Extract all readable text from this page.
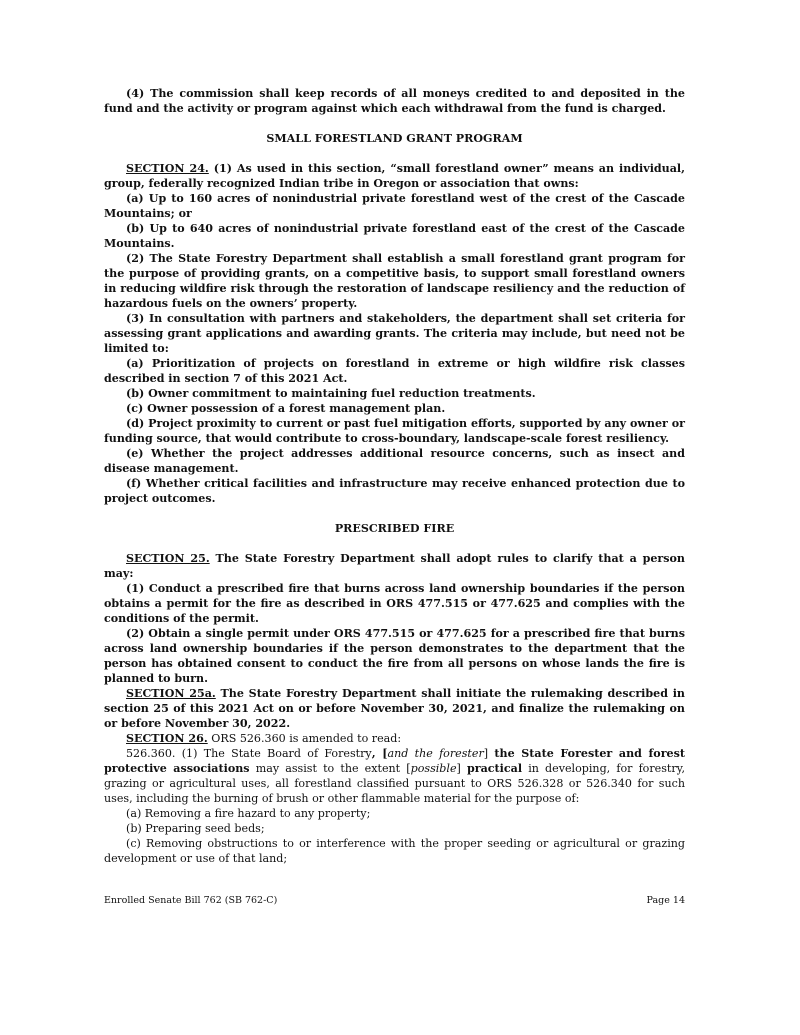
(4) The commission shall keep records of all moneys credited to and deposited in the fund and the activity or program against which each withdrawal from the fund is charged.

SMALL FORESTLAND GRANT PROGRAM

SECTION 24. (1) As used in this section, “small forestland owner” means an individual, group, federally recognized Indian tribe in Oregon or association that owns:

(a) Up to 160 acres of nonindustrial private forestland west of the crest of the Cascade Mountains; or

(b) Up to 640 acres of nonindustrial private forestland east of the crest of the Cascade Mountains.

(2) The State Forestry Department shall establish a small forestland grant program for the purpose of providing grants, on a competitive basis, to support small forestland owners in reducing wildfire risk through the restoration of landscape resiliency and the reduction of hazardous fuels on the owners’ property.

(3) In consultation with partners and stakeholders, the department shall set criteria for assessing grant applications and awarding grants. The criteria may include, but need not be limited to:

(a) Prioritization of projects on forestland in extreme or high wildfire risk classes described in section 7 of this 2021 Act.

(b) Owner commitment to maintaining fuel reduction treatments.

(c) Owner possession of a forest management plan.

(d) Project proximity to current or past fuel mitigation efforts, supported by any owner or funding source, that would contribute to cross-boundary, landscape-scale forest resiliency.

(e) Whether the project addresses additional resource concerns, such as insect and disease management.

(f) Whether critical facilities and infrastructure may receive enhanced protection due to project outcomes.

PRESCRIBED FIRE

SECTION 25. The State Forestry Department shall adopt rules to clarify that a person may:

(1) Conduct a prescribed fire that burns across land ownership boundaries if the person obtains a permit for the fire as described in ORS 477.515 or 477.625 and complies with the conditions of the permit.

(2) Obtain a single permit under ORS 477.515 or 477.625 for a prescribed fire that burns across land ownership boundaries if the person demonstrates to the department that the person has obtained consent to conduct the fire from all persons on whose lands the fire is planned to burn.

SECTION 25a. The State Forestry Department shall initiate the rulemaking described in section 25 of this 2021 Act on or before November 30, 2021, and finalize the rulemaking on or before November 30, 2022.

SECTION 26. ORS 526.360 is amended to read:

526.360. (1) The State Board of Forestry, [and the forester] the State Forester and forest protective associations may assist to the extent [possible] practical in developing, for forestry, grazing or agricultural uses, all forestland classified pursuant to ORS 526.328 or 526.340 for such uses, including the burning of brush or other flammable material for the purpose of:

(a) Removing a fire hazard to any property;

(b) Preparing seed beds;

(c) Removing obstructions to or interference with the proper seeding or agricultural or grazing development or use of that land;

Enrolled Senate Bill 762 (SB 762-C)	Page 14
